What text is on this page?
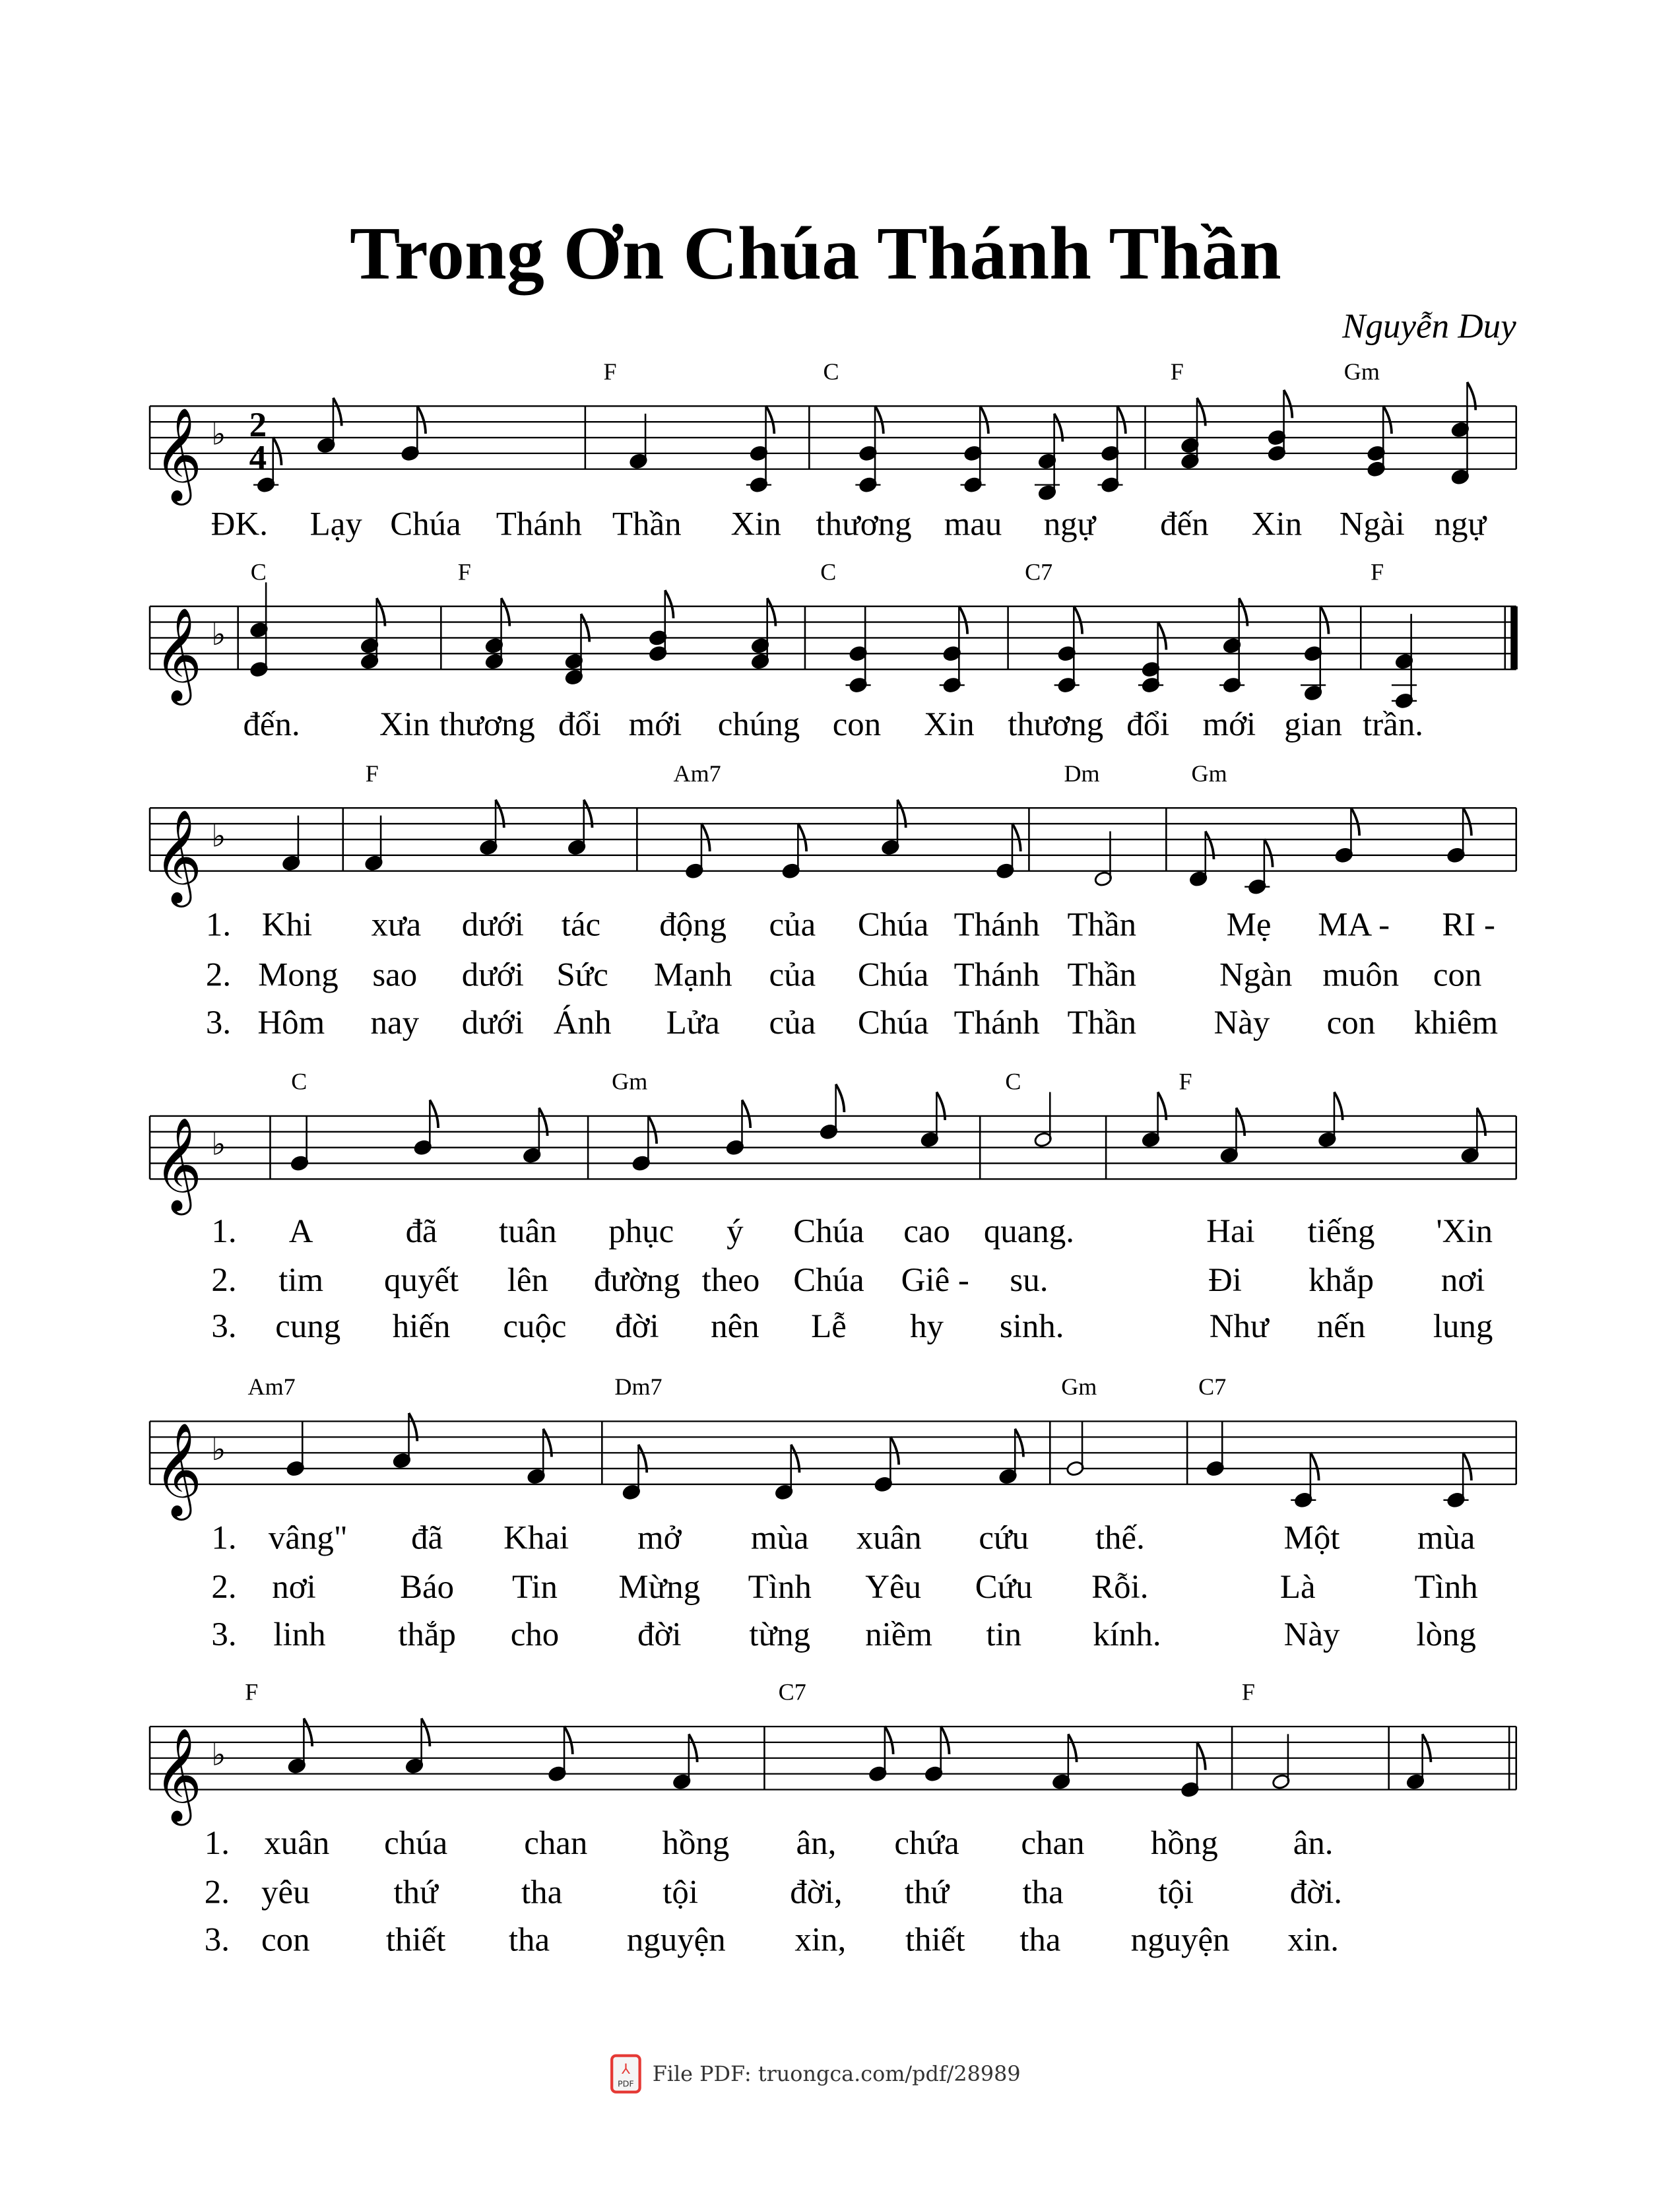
Trong Ơn Chúa Thánh Thần
Nguyễn Duy
𝄞 ♭ 2
4
F	C	F	Gm
ĐK.	Lạy Chúa Thánh Thần	Xin thương mau	ngự	đến	Xin Ngài ngự
𝄞 ♭
C	F	C	C7	F
đến.	Xin thương đổi mới chúng con	Xin thương đổi mới gian trần.
𝄞 ♭
F	Am7	Dm	Gm
1. Khi	xưa	dưới tác	động	của	Chúa Thánh Thần	Mẹ	MA -	RI -
2. Mong sao	dưới Sức	Mạnh của	Chúa Thánh Thần	Ngàn muôn con
3. Hôm	nay	dưới Ánh	Lửa	của	Chúa Thánh Thần	Này	con khiêm
𝄞 ♭
C	Gm	C	F
1.	A	đã	tuân	phục	ý	Chúa cao quang.	Hai	tiếng	'Xin
2.	tim	quyết	lên	đường theo Chúa Giê -	su.	Đi	khắp	nơi
3. cung	hiến	cuộc	đời	nên	Lễ	hy	sinh.	Như	nến	lung
𝄞 ♭
Am7	Dm7	Gm	C7
1. vâng"	đã	Khai	mở	mùa	xuân	cứu	thế.	Một	mùa
2. nơi	Báo	Tin	Mừng	Tình	Yêu	Cứu	Rỗi.	Là	Tình
3. linh	thắp	cho	đời	từng	niềm	tin	kính.	Này	lòng
𝄞 ♭
F	C7	F
1. xuân	chúa	chan	hồng	ân,	chứa	chan	hồng	ân.
2. yêu	thứ	tha	tội	đời,	thứ	tha	tội	đời.
3. con	thiết	tha	nguyện	xin,	thiết	tha	nguyện	xin.
⅄
PDF	File PDF: truongca.com/pdf/28989
